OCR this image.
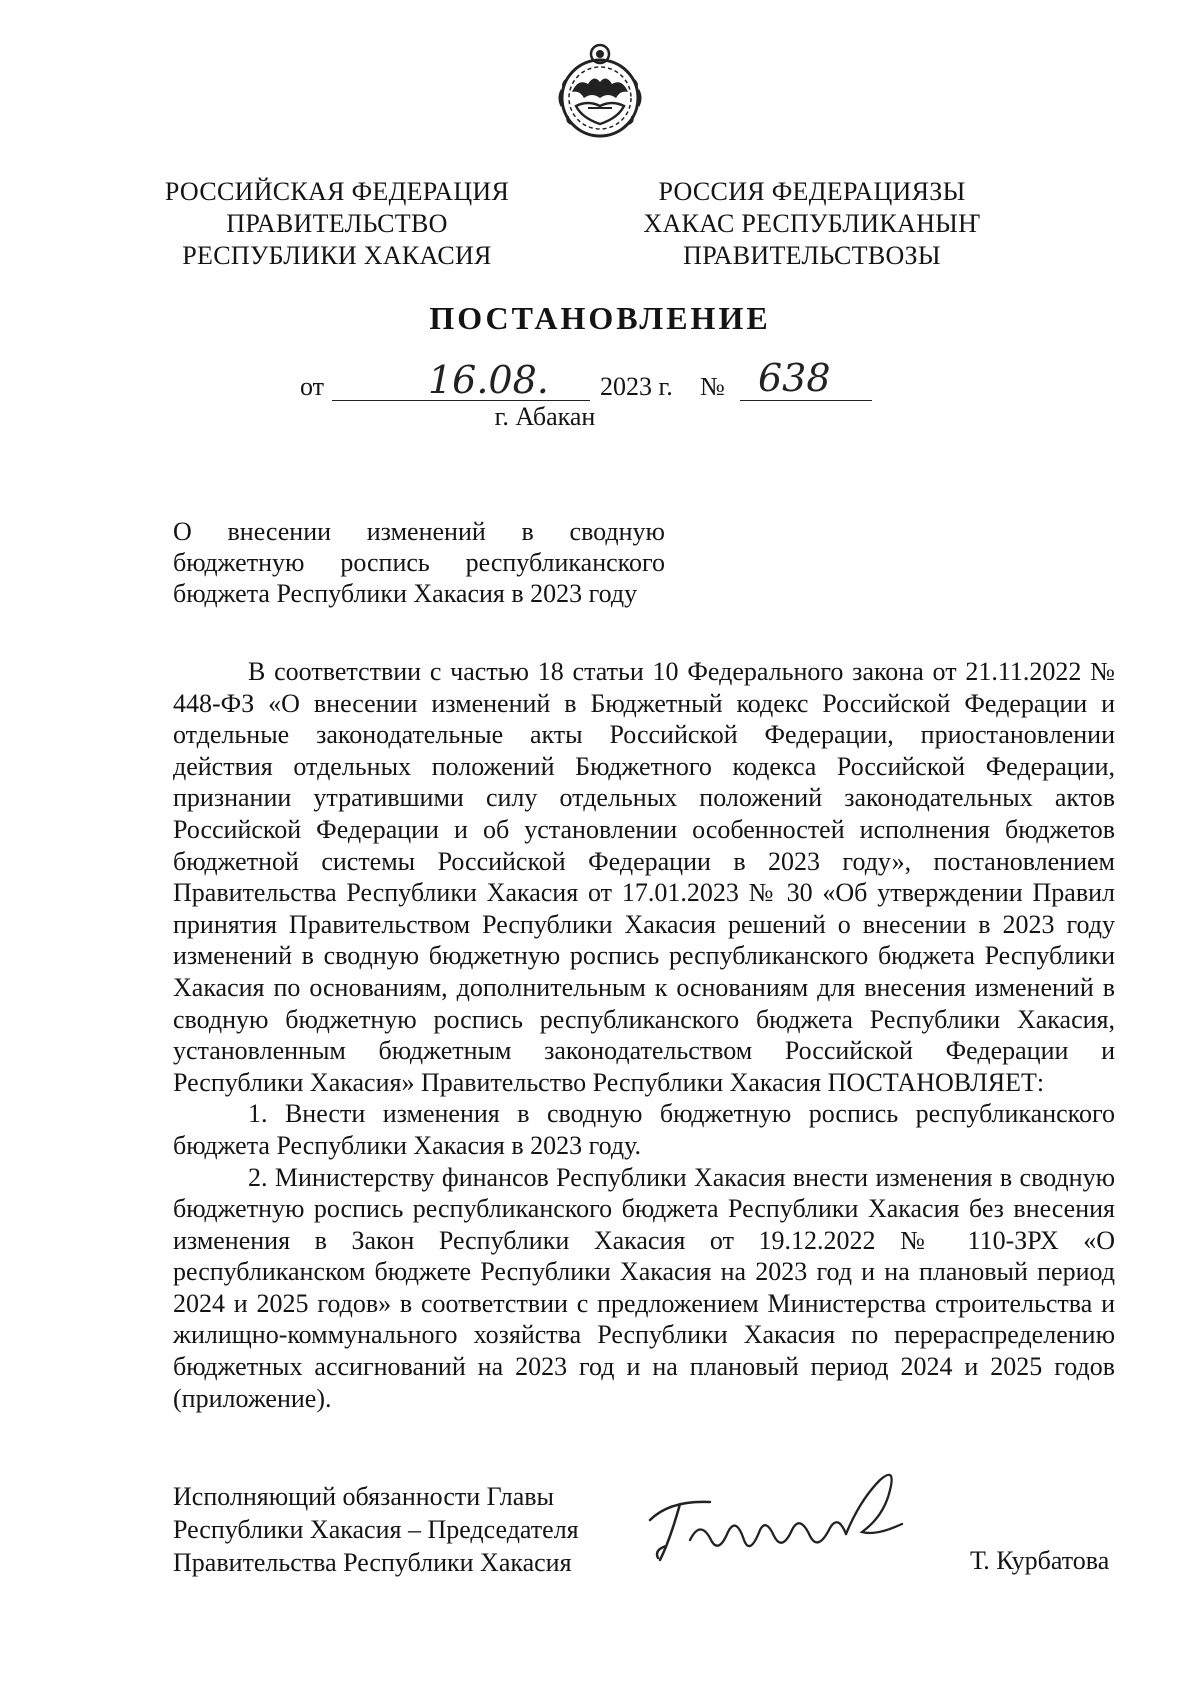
РОССИЙСКАЯ ФЕДЕРАЦИЯ
ПРАВИТЕЛЬСТВО
РЕСПУБЛИКИ ХАКАСИЯ
РОССИЯ ФЕДЕРАЦИЯЗЫ
ХАКАС РЕСПУБЛИКАНЫҤ
ПРАВИТЕЛЬСТВОЗЫ
ПОСТАНОВЛЕНИЕ
от	16.08. 2023 г. № 638
г. Абакан
О внесении изменений в сводную
бюджетную роспись республиканского
бюджета Республики Хакасия в 2023 году

В соответствии с частью 18 статьи 10 Федерального закона от 21.11.2022 № 448-ФЗ «О внесении изменений в Бюджетный кодекс Российской Федерации и отдельные законодательные акты Российской Федерации, приостановлении действия отдельных положений Бюджетного кодекса Российской Федерации, признании утратившими силу отдельных положений законодательных актов Российской Федерации и об установлении особенностей исполнения бюджетов бюджетной системы Российской Федерации в 2023 году», постановлением Правительства Республики Хакасия от 17.01.2023 № 30 «Об утверждении Правил принятия Правительством Республики Хакасия решений о внесении в 2023 году изменений в сводную бюджетную роспись республиканского бюджета Республики Хакасия по основаниям, дополнительным к основаниям для внесения изменений в сводную бюджетную роспись республиканского бюджета Республики Хакасия, установленным бюджетным законодательством Российской Федерации и Республики Хакасия» Правительство Республики Хакасия ПОСТАНОВЛЯЕТ:

1. Внести изменения в сводную бюджетную роспись республиканского бюджета Республики Хакасия в 2023 году.

2. Министерству финансов Республики Хакасия внести изменения в сводную бюджетную роспись республиканского бюджета Республики Хакасия без внесения изменения в Закон Республики Хакасия от 19.12.2022 № 110-ЗРХ «О республиканском бюджете Республики Хакасия на 2023 год и на плановый период 2024 и 2025 годов» в соответствии с предложением Министерства строительства и жилищно-коммунального хозяйства Республики Хакасия по перераспределению бюджетных ассигнований на 2023 год и на плановый период 2024 и 2025 годов (приложение).

Исполняющий обязанности Главы
Республики Хакасия – Председателя
Правительства Республики Хакасия	Т. Курбатова
